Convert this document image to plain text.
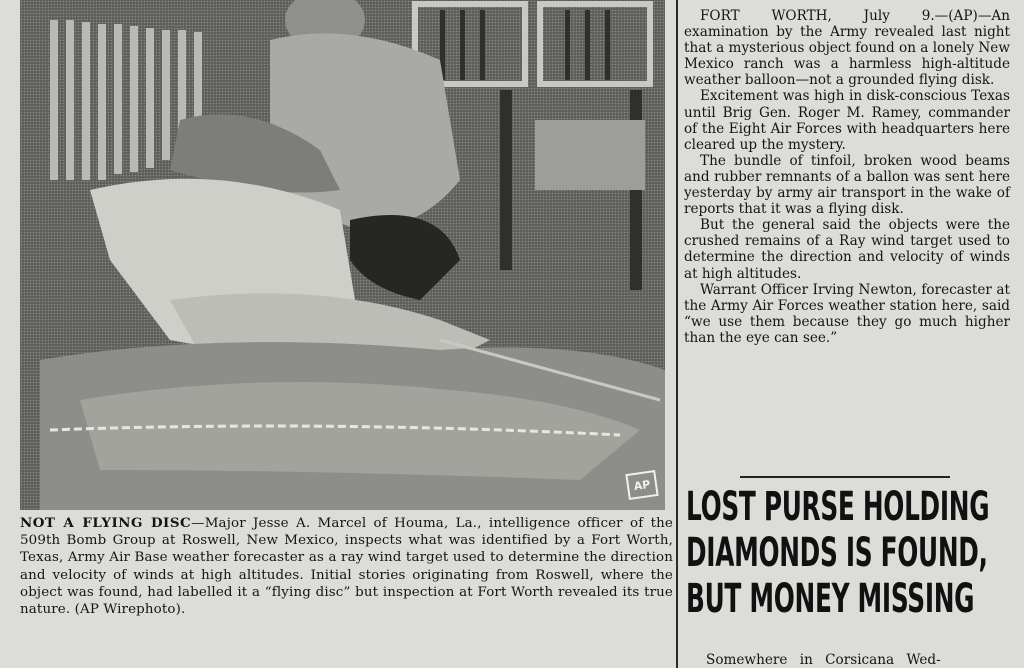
AP
NOT A FLYING DISC—Major Jesse A. Marcel of Houma, La., intelligence officer of the 509th Bomb Group at Roswell, New Mexico, inspects what was identified by a Fort Worth, Texas, Army Air Base weather forecaster as a ray wind target used to determine the direction and velocity of winds at high altitudes. Initial stories originating from Roswell, where the object was found, had labelled it a “flying disc” but inspection at Fort Worth revealed its true nature. (AP Wirephoto).

FORT WORTH, July 9.—(AP)—An examination by the Army revealed last night that a mysterious object found on a lonely New Mexico ranch was a harmless high-altitude weather balloon—not a grounded flying disk.

Excitement was high in disk-conscious Texas until Brig Gen. Roger M. Ramey, commander of the Eight Air Forces with headquarters here cleared up the mystery.

The bundle of tinfoil, broken wood beams and rubber remnants of a ballon was sent here yesterday by army air transport in the wake of reports that it was a flying disk.

But the general said the objects were the crushed remains of a Ray wind target used to determine the direction and velocity of winds at high altitudes.

Warrant Officer Irving Newton, forecaster at the Army Air Forces weather station here, said “we use them because they go much higher than the eye can see.”

LOST PURSE HOLDING
DIAMONDS IS FOUND,
BUT MONEY MISSING
Somewhere in Corsicana Wed-
